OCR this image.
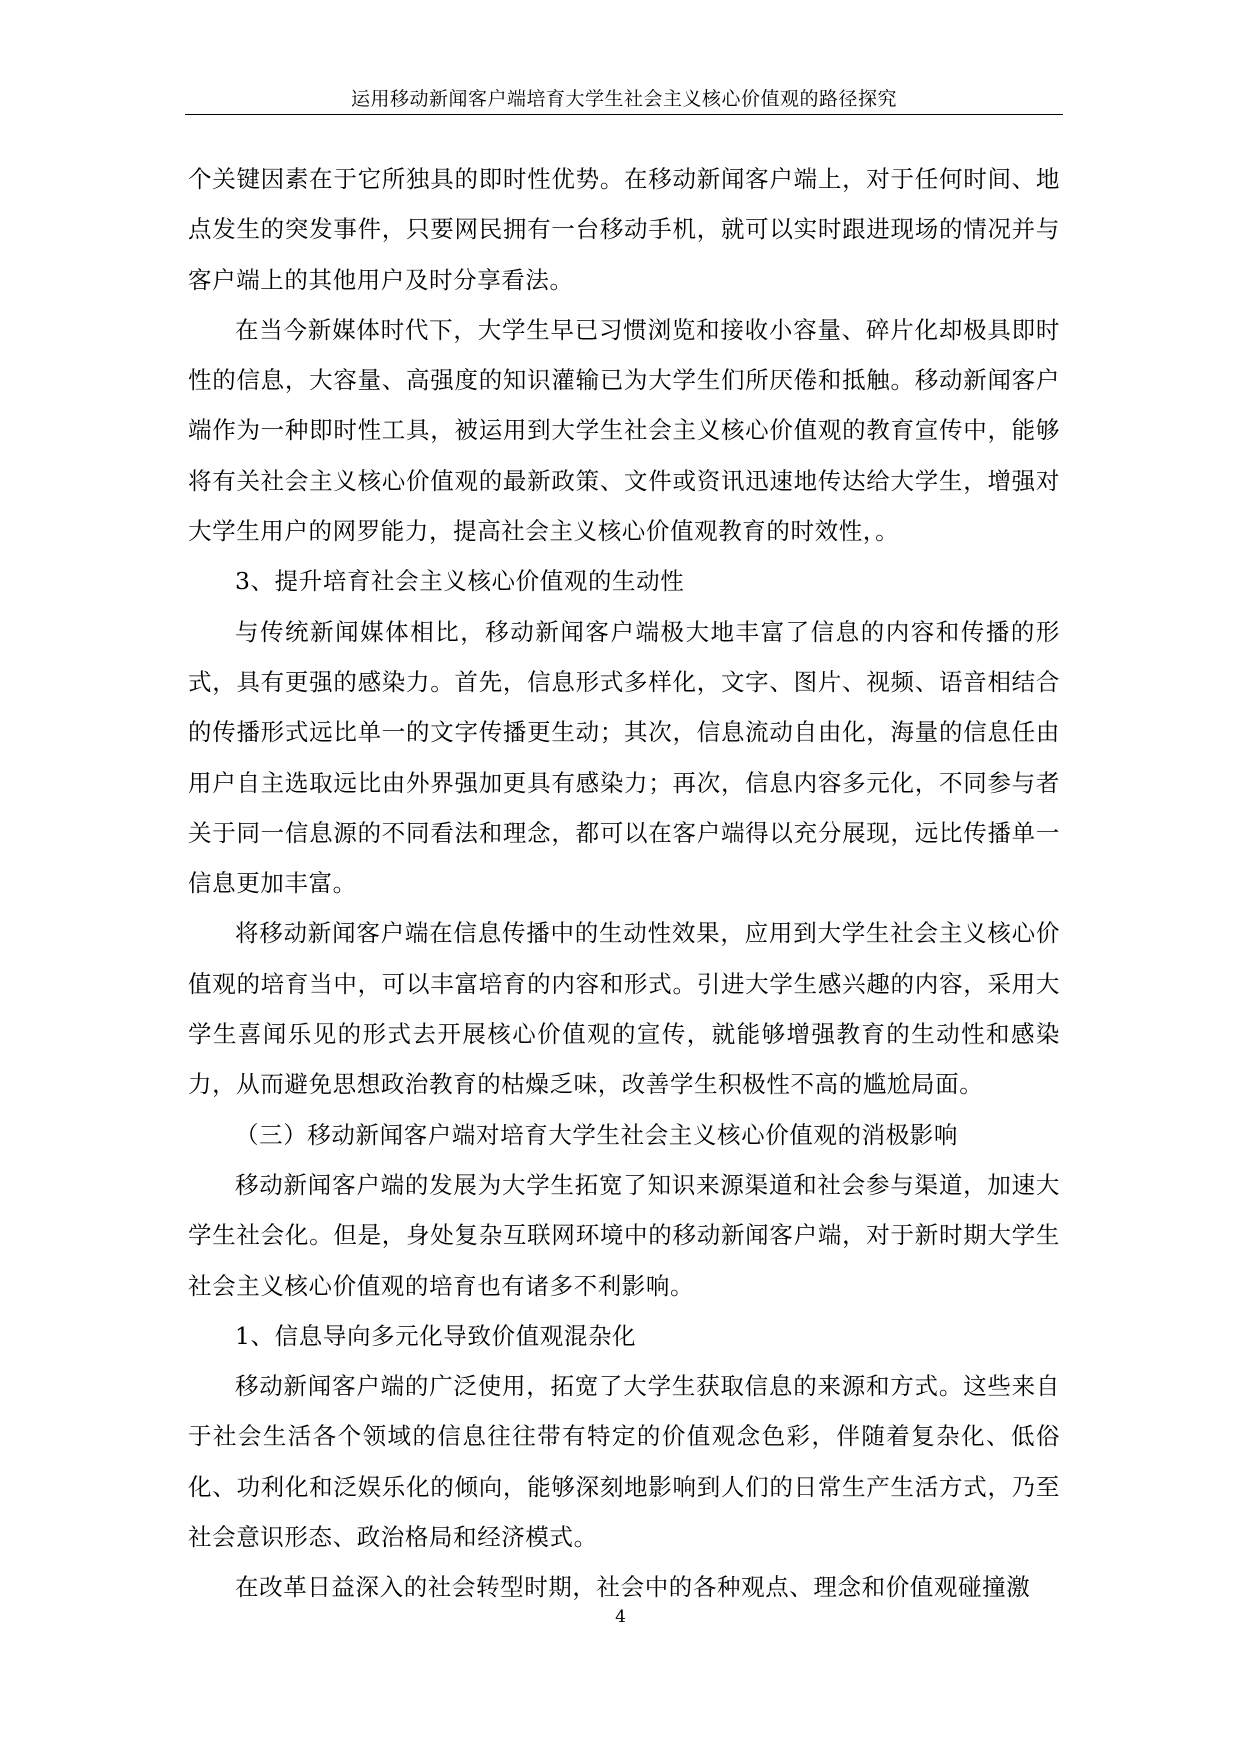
运用移动新闻客户端培育大学生社会主义核心价值观的路径探究

个关键因素在于它所独具的即时性优势。在移动新闻客户端上，对于任何时间、地点发生的突发事件，只要网民拥有一台移动手机，就可以实时跟进现场的情况并与客户端上的其他用户及时分享看法。

在当今新媒体时代下，大学生早已习惯浏览和接收小容量、碎片化却极具即时性的信息，大容量、高强度的知识灌输已为大学生们所厌倦和抵触。移动新闻客户端作为一种即时性工具，被运用到大学生社会主义核心价值观的教育宣传中，能够将有关社会主义核心价值观的最新政策、文件或资讯迅速地传达给大学生，增强对大学生用户的网罗能力，提高社会主义核心价值观教育的时效性，。

3、提升培育社会主义核心价值观的生动性

与传统新闻媒体相比，移动新闻客户端极大地丰富了信息的内容和传播的形式，具有更强的感染力。首先，信息形式多样化，文字、图片、视频、语音相结合的传播形式远比单一的文字传播更生动；其次，信息流动自由化，海量的信息任由用户自主选取远比由外界强加更具有感染力；再次，信息内容多元化，不同参与者关于同一信息源的不同看法和理念，都可以在客户端得以充分展现，远比传播单一信息更加丰富。

将移动新闻客户端在信息传播中的生动性效果，应用到大学生社会主义核心价值观的培育当中，可以丰富培育的内容和形式。引进大学生感兴趣的内容，采用大学生喜闻乐见的形式去开展核心价值观的宣传，就能够增强教育的生动性和感染力，从而避免思想政治教育的枯燥乏味，改善学生积极性不高的尴尬局面。

（三）移动新闻客户端对培育大学生社会主义核心价值观的消极影响

移动新闻客户端的发展为大学生拓宽了知识来源渠道和社会参与渠道，加速大学生社会化。但是，身处复杂互联网环境中的移动新闻客户端，对于新时期大学生社会主义核心价值观的培育也有诸多不利影响。

1、信息导向多元化导致价值观混杂化

移动新闻客户端的广泛使用，拓宽了大学生获取信息的来源和方式。这些来自于社会生活各个领域的信息往往带有特定的价值观念色彩，伴随着复杂化、低俗化、功利化和泛娱乐化的倾向，能够深刻地影响到人们的日常生产生活方式，乃至社会意识形态、政治格局和经济模式。

在改革日益深入的社会转型时期，社会中的各种观点、理念和价值观碰撞激

4
